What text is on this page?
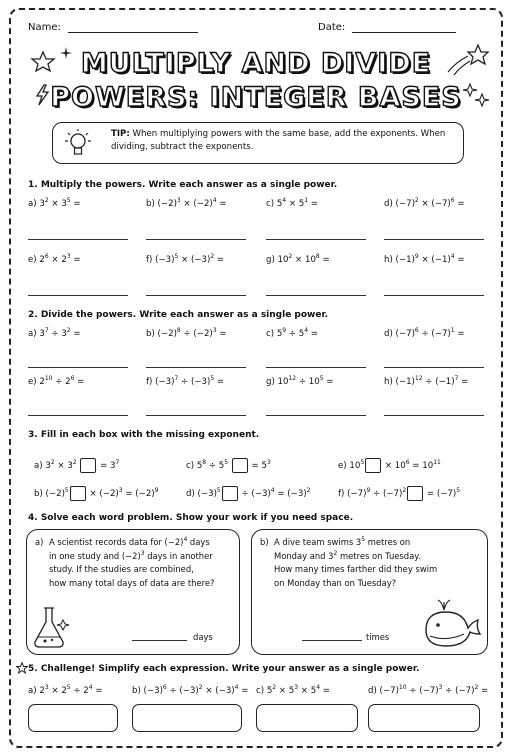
Name:	Date:
MULTIPLY AND DIVIDE
POWERS: INTEGER BASES
TIP: When multiplying powers with the same base, add the exponents. When dividing, subtract the exponents.
1. Multiply the powers. Write each answer as a single power.
a) $3^2 \times 3^5$ =	b) $(-2)^3 \times (-2)^4$ =	c) $5^4 \times 5^1$ =	d) $(-7)^2 \times (-7)^6$ =
e) $2^6 \times 2^3$ =	f) $(-3)^5 \times (-3)^2$ =	g) $10^2 \times 10^8$ =	h) $(-1)^9 \times (-1)^4$ =
2. Divide the powers. Write each answer as a single power.
a) $3^7 \div 3^2$ =	b) $(-2)^8 \div (-2)^3$ =	c) $5^9 \div 5^4$ =	d) $(-7)^6 \div (-7)^1$ =
e) $2^{10} \div 2^6$ =	f) $(-3)^7 \div (-3)^5$ =	g) $10^{12} \div 10^5$ =	h) $(-1)^{12} \div (-1)^7$ =
3. Fill in each box with the missing exponent.
a) $3^2 \times 3^2 = 3^7$	c) $5^8 \div 5^5 = 5^3$	e) $10^5 \times 10^6 = 10^{11}$
b) $(-2)^5 \times (-2)^3 = (-2)^9$	d) $(-3)^5 \div (-3)^4 = (-3)^2$	f) $(-7)^9 \div (-7)^2 = (-7)^5$
4. Solve each word problem. Show your work if you need space.
a) A scientist records data for $(-2)^4$ days
in one study and $(-2)^3$ days in another
study. If the studies are combined,
how many total days of data are there?
days
b) A dive team swims $3^5$ metres on
Monday and $3^2$ metres on Tuesday.
How many times farther did they swim
on Monday than on Tuesday?
times
5. Challenge! Simplify each expression. Write your answer as a single power.
a) $2^3 \times 2^5 \div 2^4$ =	b) $(-3)^6 \div (-3)^2 \times (-3)^4 = c$) $5^2 \times 5^3 \times 5^4$ =	d) $(-7)^{10} \div (-7)^3 \div (-7)^2$ =
